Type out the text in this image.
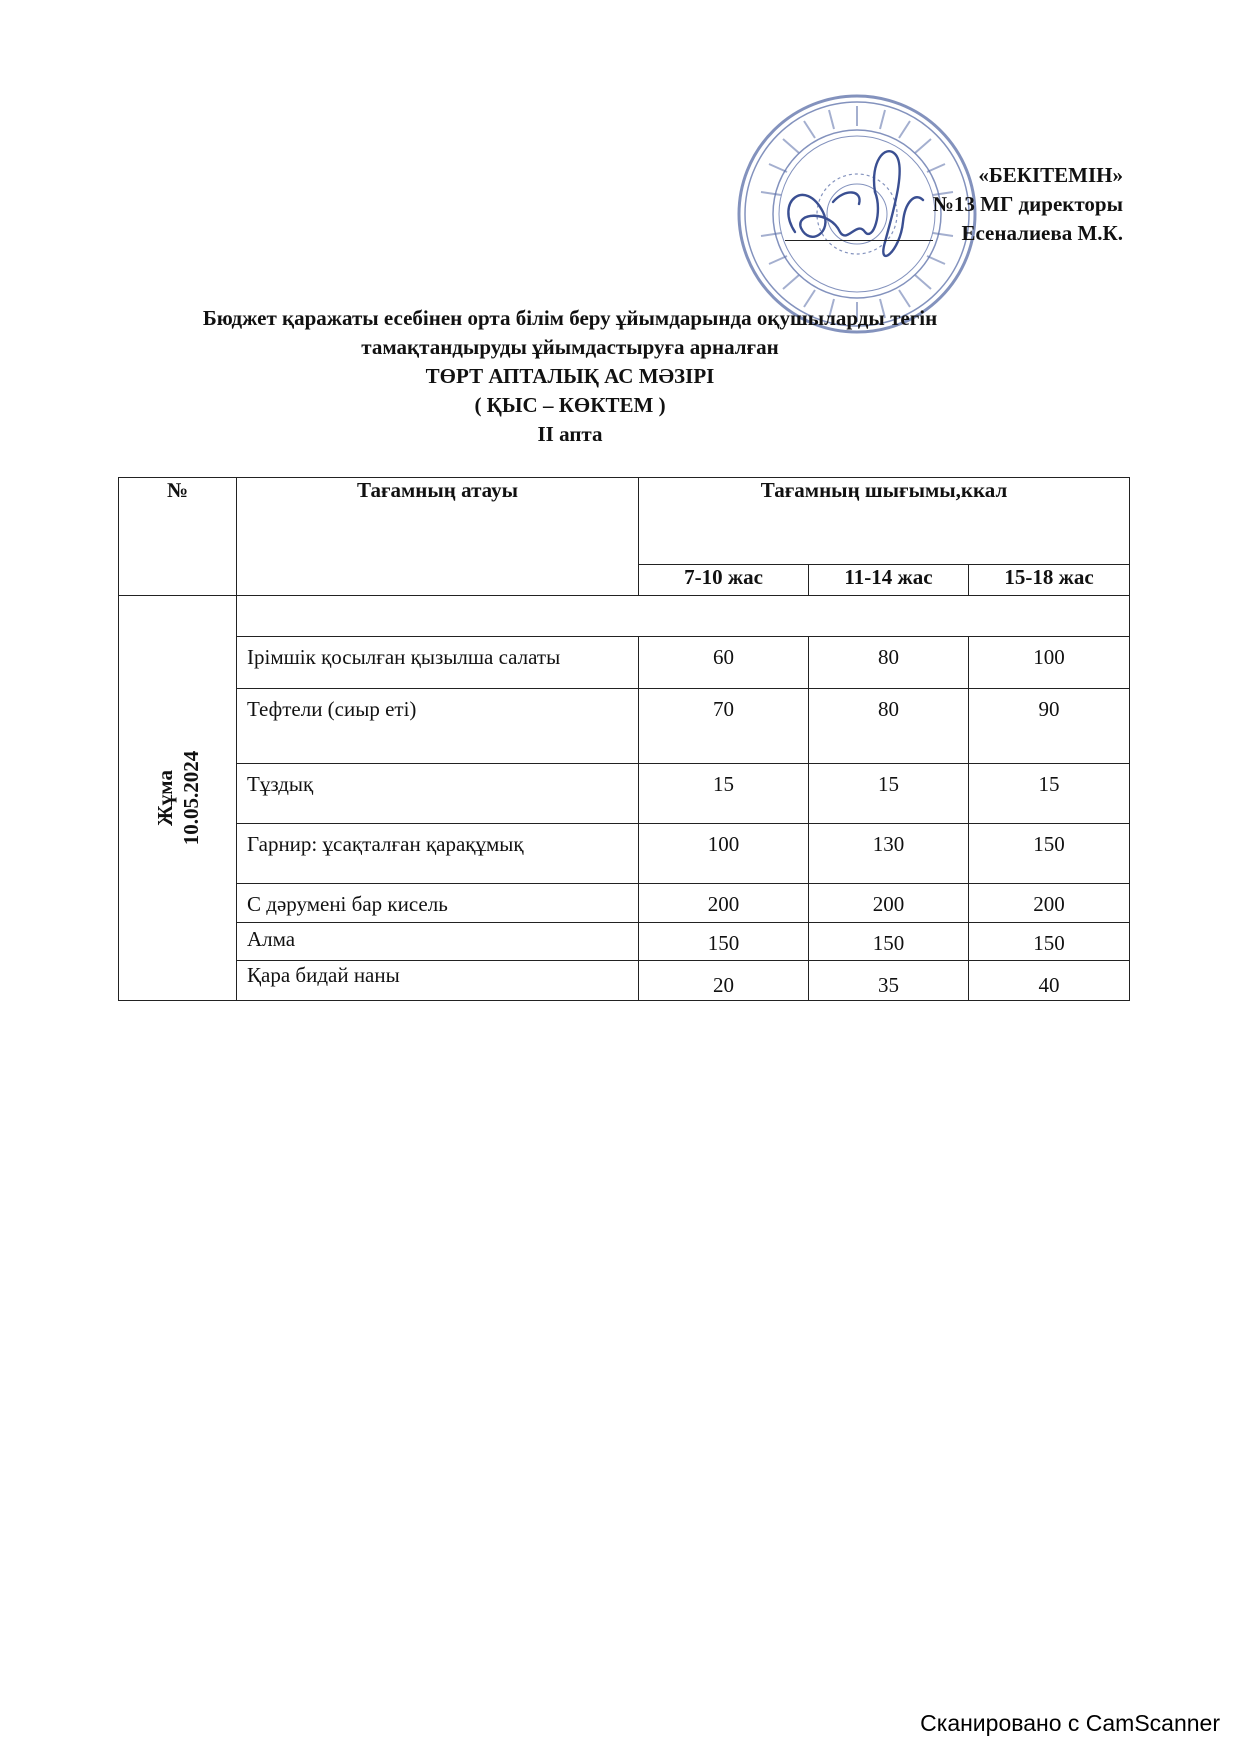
«БЕКІТЕМІН»
№13 МГ директоры
Есеналиева М.К.
Бюджет қаражаты есебінен орта білім беру ұйымдарында оқушыларды тегін
тамақтандыруды ұйымдастыруға арналған
ТӨРТ АПТАЛЫҚ АС МӘЗІРІ
( ҚЫС – КӨКТЕМ )
II апта
№	Тағамның атауы	Тағамның шығымы,ккал		
		7-10 жас	11-14 жас	15-18 жас

Жұма 10.05.2024				

	Ірімшік қосылған қызылша салаты	60	80	100
	Тефтели (сиыр еті)	70	80	90
	Тұздық	15	15	15
	Гарнир: ұсақталған қарақұмық	100	130	150
	С дәрумені бар кисель	200	200	200
	Алма	150	150	150
	Қара бидай наны	20	35	40
Сканировано с CamScanner
